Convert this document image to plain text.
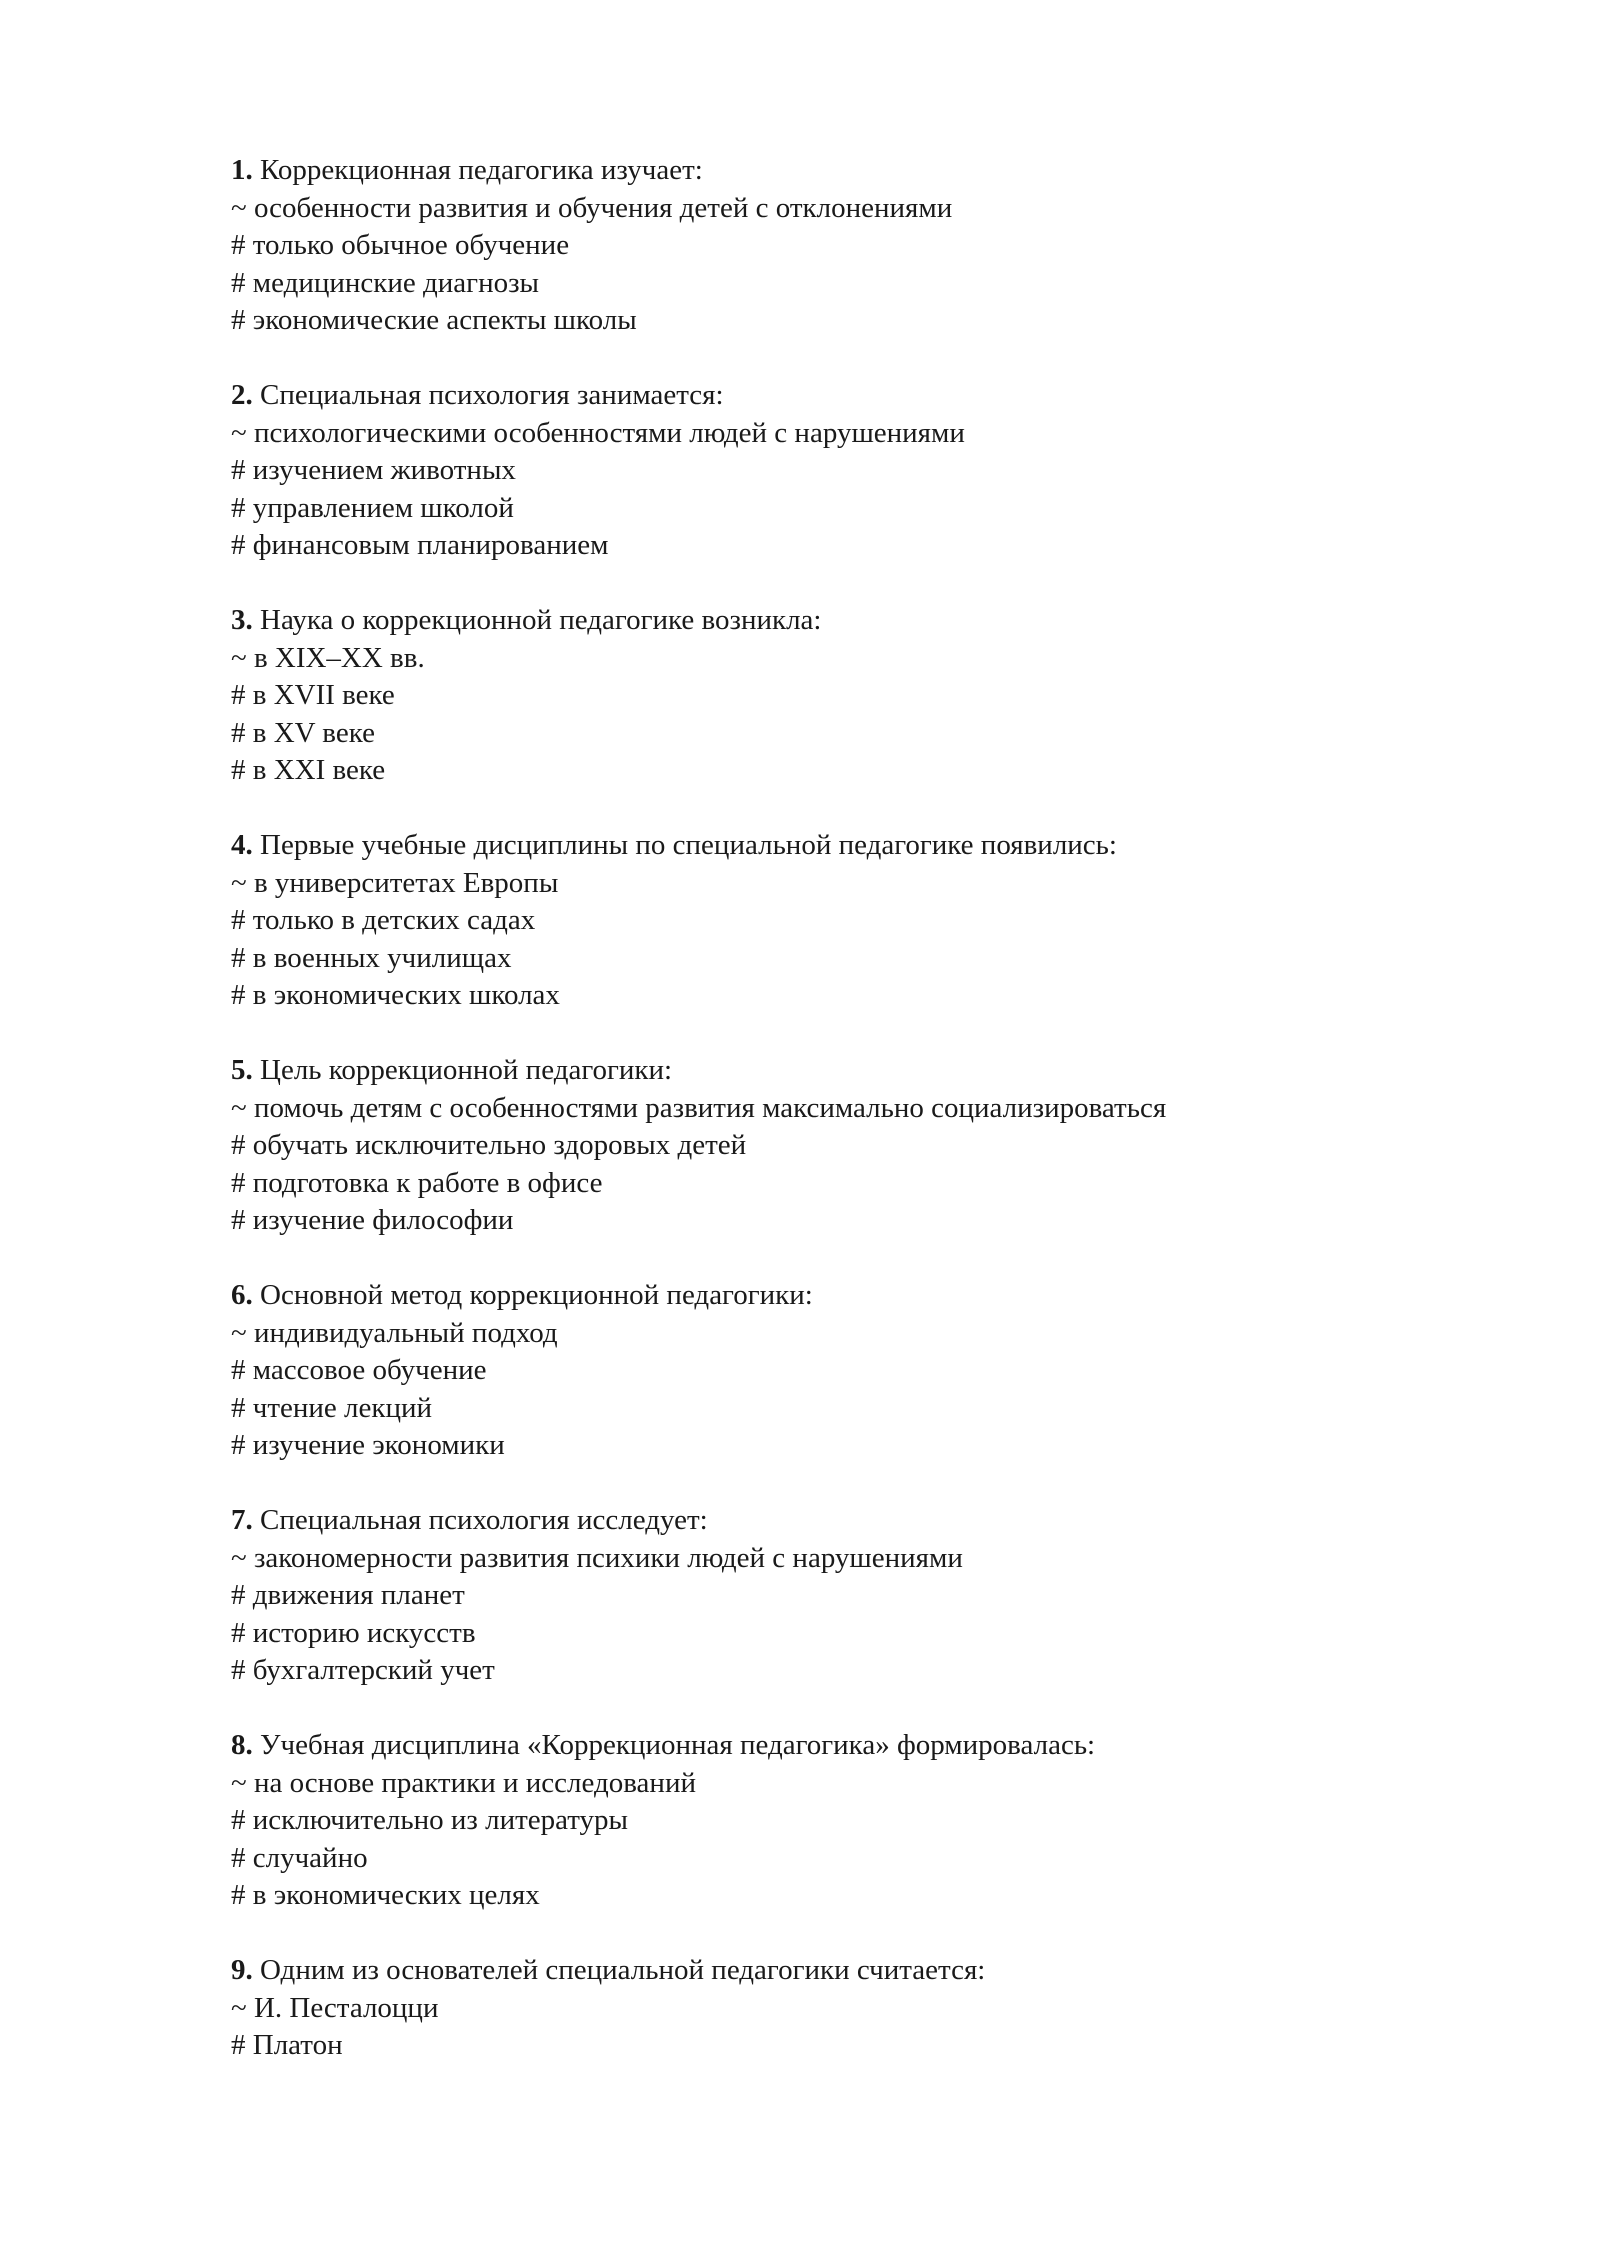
1. Коррекционная педагогика изучает:
~ особенности развития и обучения детей с отклонениями
# только обычное обучение
# медицинские диагнозы
# экономические аспекты школы
2. Специальная психология занимается:
~ психологическими особенностями людей с нарушениями
# изучением животных
# управлением школой
# финансовым планированием
3. Наука о коррекционной педагогике возникла:
~ в XIX–XX вв.
# в XVII веке
# в XV веке
# в XXI веке
4. Первые учебные дисциплины по специальной педагогике появились:
~ в университетах Европы
# только в детских садах
# в военных училищах
# в экономических школах
5. Цель коррекционной педагогики:
~ помочь детям с особенностями развития максимально социализироваться
# обучать исключительно здоровых детей
# подготовка к работе в офисе
# изучение философии
6. Основной метод коррекционной педагогики:
~ индивидуальный подход
# массовое обучение
# чтение лекций
# изучение экономики
7. Специальная психология исследует:
~ закономерности развития психики людей с нарушениями
# движения планет
# историю искусств
# бухгалтерский учет
8. Учебная дисциплина «Коррекционная педагогика» формировалась:
~ на основе практики и исследований
# исключительно из литературы
# случайно
# в экономических целях
9. Одним из основателей специальной педагогики считается:
~ И. Песталоцци
# Платон
